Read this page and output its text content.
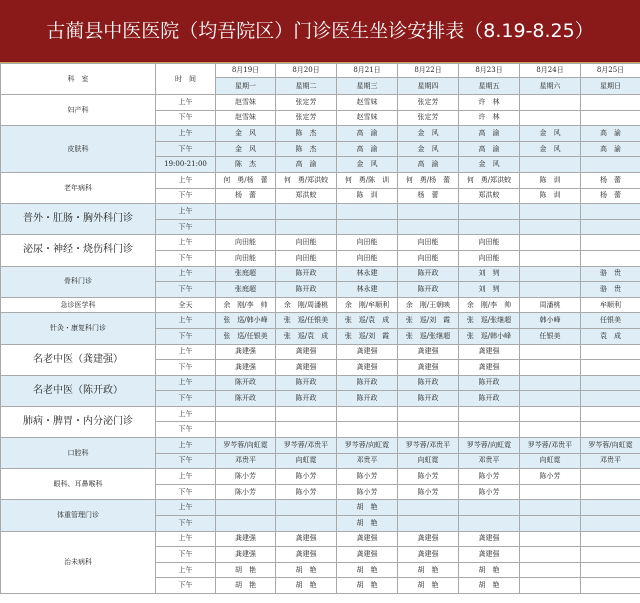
古蔺县中医医院（均吾院区）门诊医生坐诊安排表（8.19-8.25）
科　室	时　间	8月19日	8月20日	8月21日	8月22日	8月23日	8月24日	8月25日
		星期一	星期二	星期三	星期四	星期五	星期六	星期日
妇产科	上午	赵雪妹	张定芳	赵雪妹	张定芳	许　林		
	下午	赵雪妹	张定芳	赵雪妹	张定芳	许　林		
皮肤科	上午	金　风	陈　杰	高　渝	金　风	高　渝	金　风	高　渝
	下午	金　风	陈　杰	高　渝	金　风	高　渝	金　风	高　渝
	19:00-21:00	陈　杰	高　渝	金　风	高　渝	金　风		
老年病科	上午	何　勇/杨　蕾	何　勇/郑洪蛟	何　勇/陈　训	何　勇/杨　蕾	何　勇/郑洪蛟	陈　训	杨　蕾
	下午	杨　蕾	郑洪蛟	陈　训	杨　蕾	郑洪蛟	陈　训	杨　蕾
普外・肛肠・胸外科门诊	上午							
	下午							
泌尿・神经・烧伤科门诊	上午	向田能	向田能	向田能	向田能	向田能		
	下午	向田能	向田能	向田能	向田能	向田能		
骨科门诊	上午	张庭超	陈开政	林永建	陈开政	刘　刿		骆　贵
	下午	张庭超	陈开政	林永建	陈开政	刘　刿		骆　贵
急诊医学科	全天	余　刚/李　帅	余　刚/周潘桃	余　刚/牟顺利	余　刚/王朝映	余　刚/李　帅	周潘桃	牟顺利
针灸・康复科门诊	上午	张　巡/韩小峰	张　巡/任银美	张　巡/袁　成	张　巡/刘　霞	张　巡/张继超	韩小峰	任银美
	下午	张　巡/任银美	张　巡/袁　成	张　巡/刘　霞	张　巡/张继超	张　巡/韩小峰	任银美	袁　成
名老中医（龚建强）	上午	龚建强	龚建强	龚建强	龚建强	龚建强		
	下午	龚建强	龚建强	龚建强	龚建强	龚建强		
名老中医（陈开政）	上午	陈开政	陈开政	陈开政	陈开政	陈开政		
	下午	陈开政	陈开政	陈开政	陈开政	陈开政		
肺病・脾胃・内分泌门诊	上午							
	下午							
口腔科	上午	罗芩蓉/向虹霓	罗芩蓉/邓贵平	罗芩蓉/向虹霓	罗芩蓉/邓贵平	罗芩蓉/向虹霓	罗芩蓉/邓贵平	罗芩蓉/向虹霓
	下午	邓贵平	向虹霓	邓贵平	向虹霓	邓贵平	向虹霓	邓贵平
眼科、耳鼻喉科	上午	陈小芳	陈小芳	陈小芳	陈小芳	陈小芳	陈小芳	
	下午	陈小芳	陈小芳	陈小芳	陈小芳	陈小芳		
体重管理门诊	上午			胡　艳				
	下午			胡　艳				
治未病科	上午	龚建强	龚建强	龚建强	龚建强	龚建强		
	下午	龚建强	龚建强	龚建强	龚建强	龚建强		
	上午	胡　艳	胡　艳	胡　艳	胡　艳	胡　艳		
	下午	胡　艳	胡　艳	胡　艳	胡　艳	胡　艳		
